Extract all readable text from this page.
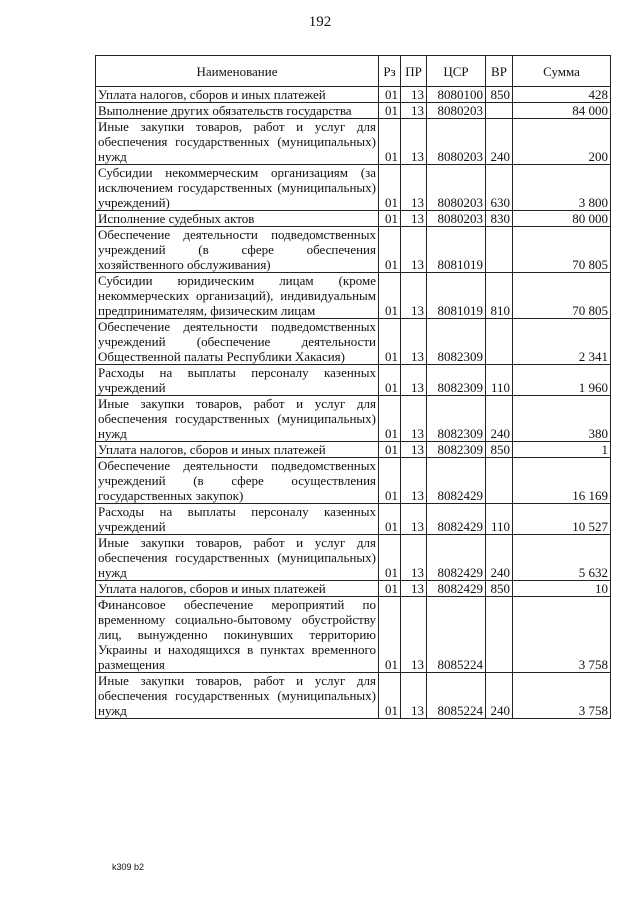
192
Наименование	Рз	ПР	ЦСР	ВР	Сумма
Уплата налогов, сборов и иных платежей	01	13	8080100	850	428
Выполнение других обязательств государства	01	13	8080203		84 000
Иные закупки товаров, работ и услуг для обеспечения государственных (муниципальных) нужд	01	13	8080203	240	200
Субсидии некоммерческим организациям (за исключением государственных (муниципальных) учреждений)	01	13	8080203	630	3 800
Исполнение судебных актов	01	13	8080203	830	80 000
Обеспечение деятельности подведомственных учреждений (в сфере обеспечения хозяйственного обслуживания)	01	13	8081019		70 805
Субсидии юридическим лицам (кроме некоммерческих организаций), индивидуальным предпринимателям, физическим лицам	01	13	8081019	810	70 805
Обеспечение деятельности подведомственных учреждений (обеспечение деятельности Общественной палаты Республики Хакасия)	01	13	8082309		2 341
Расходы на выплаты персоналу казенных учреждений	01	13	8082309	110	1 960
Иные закупки товаров, работ и услуг для обеспечения государственных (муниципальных) нужд	01	13	8082309	240	380
Уплата налогов, сборов и иных платежей	01	13	8082309	850	1
Обеспечение деятельности подведомственных учреждений (в сфере осуществления государственных закупок)	01	13	8082429		16 169
Расходы на выплаты персоналу казенных учреждений	01	13	8082429	110	10 527
Иные закупки товаров, работ и услуг для обеспечения государственных (муниципальных) нужд	01	13	8082429	240	5 632
Уплата налогов, сборов и иных платежей	01	13	8082429	850	10
Финансовое обеспечение мероприятий по временному социально-бытовому обустройству лиц, вынужденно покинувших территорию Украины и находящихся в пунктах временного размещения	01	13	8085224		3 758
Иные закупки товаров, работ и услуг для обеспечения государственных (муниципальных) нужд	01	13	8085224	240	3 758
k309 b2
